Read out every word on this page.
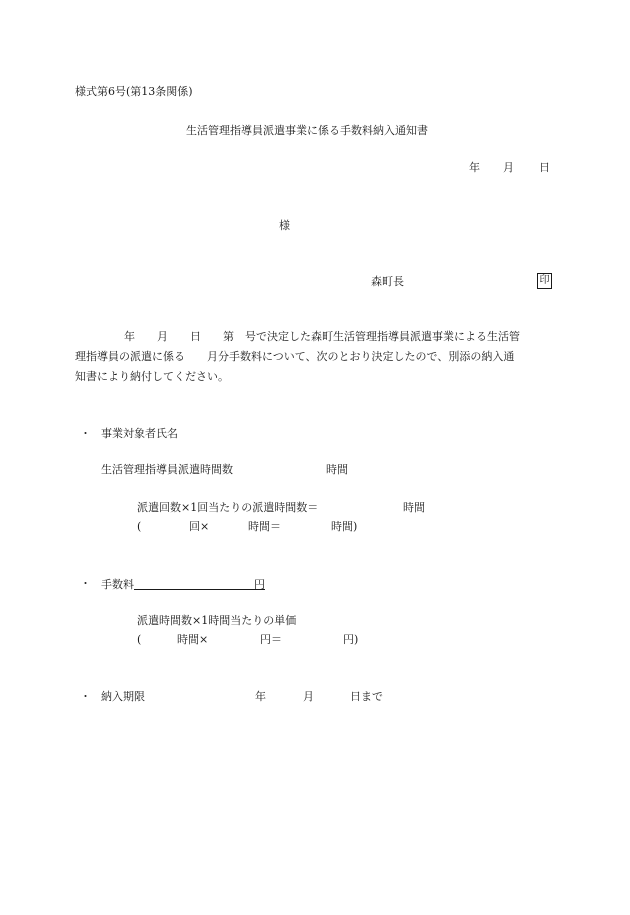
様式第6号(第13条関係)
生活管理指導員派遣事業に係る手数料納入通知書
年 月 日
様
森町長	印
年　　月　　日　　第　号で決定した森町生活管理指導員派遣事業による生活管
理指導員の派遣に係る　　月分手数料について、次のとおり決定したので、別添の納入通
知書により納付してください。
・ 事業対象者氏名
生活管理指導員派遣時間数	時間
派遣回数×1回当たりの派遣時間数＝	時間
(	回×	時間＝	時間)
・ 手数料	円
派遣時間数×1時間当たりの単価
(	時間×	円＝	円)
・ 納入期限	年	月	日まで
